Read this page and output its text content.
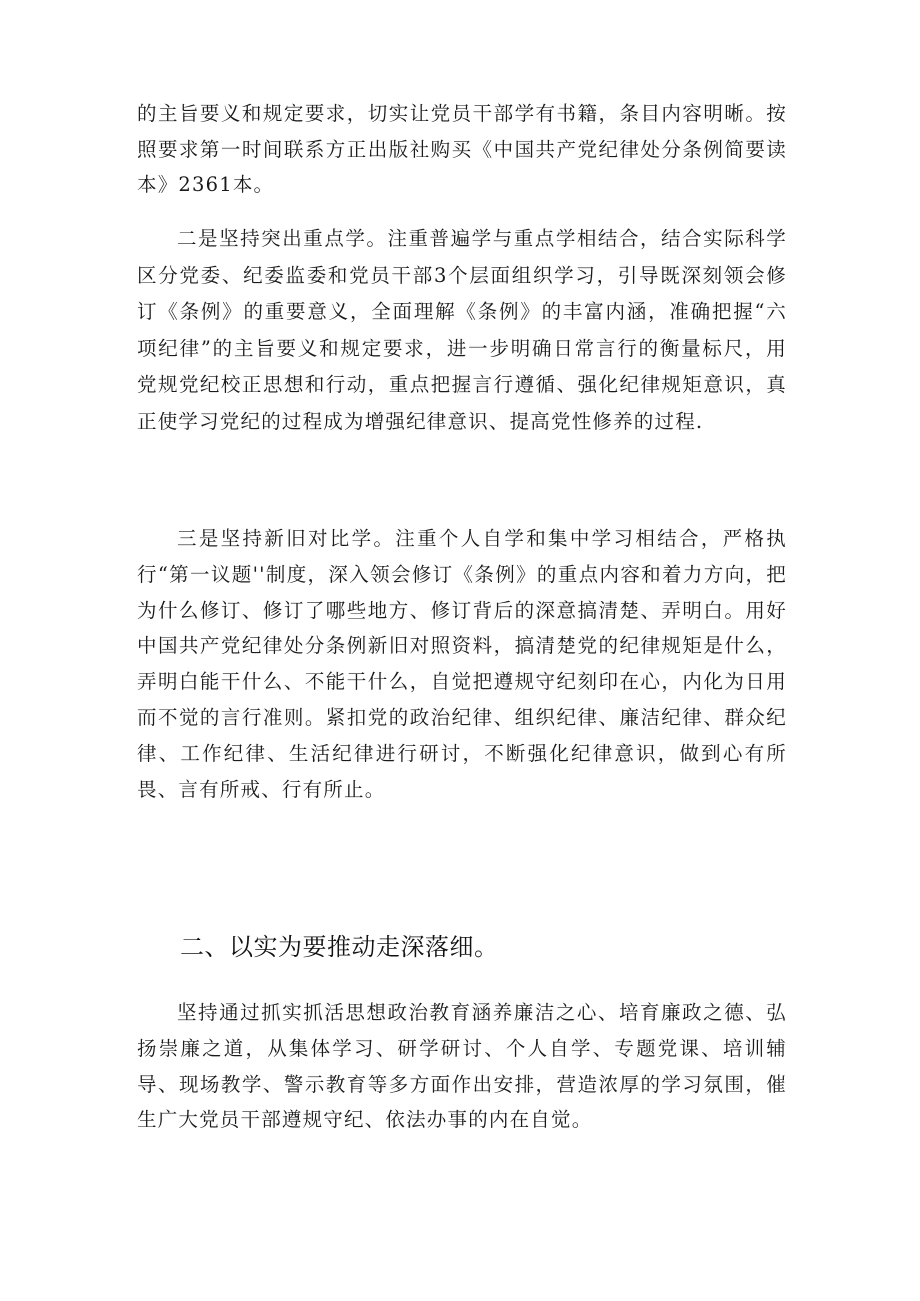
的主旨要义和规定要求，切实让党员干部学有书籍，条目内容明晰。按照要求第一时间联系方正出版社购买《中国共产党纪律处分条例简要读本》2361本。

二是坚持突出重点学。注重普遍学与重点学相结合，结合实际科学区分党委、纪委监委和党员干部3个层面组织学习，引导既深刻领会修订《条例》的重要意义，全面理解《条例》的丰富内涵，准确把握“六项纪律”的主旨要义和规定要求，进一步明确日常言行的衡量标尺，用党规党纪校正思想和行动，重点把握言行遵循、强化纪律规矩意识，真正使学习党纪的过程成为增强纪律意识、提高党性修养的过程.

三是坚持新旧对比学。注重个人自学和集中学习相结合，严格执行“第一议题''制度，深入领会修订《条例》的重点内容和着力方向，把为什么修订、修订了哪些地方、修订背后的深意搞清楚、弄明白。用好中国共产党纪律处分条例新旧对照资料，搞清楚党的纪律规矩是什么，弄明白能干什么、不能干什么，自觉把遵规守纪刻印在心，内化为日用而不觉的言行准则。紧扣党的政治纪律、组织纪律、廉洁纪律、群众纪律、工作纪律、生活纪律进行研讨，不断强化纪律意识，做到心有所畏、言有所戒、行有所止。

二、以实为要推动走深落细。

坚持通过抓实抓活思想政治教育涵养廉洁之心、培育廉政之德、弘扬崇廉之道，从集体学习、研学研讨、个人自学、专题党课、培训辅导、现场教学、警示教育等多方面作出安排，营造浓厚的学习氛围，催生广大党员干部遵规守纪、依法办事的内在自觉。
